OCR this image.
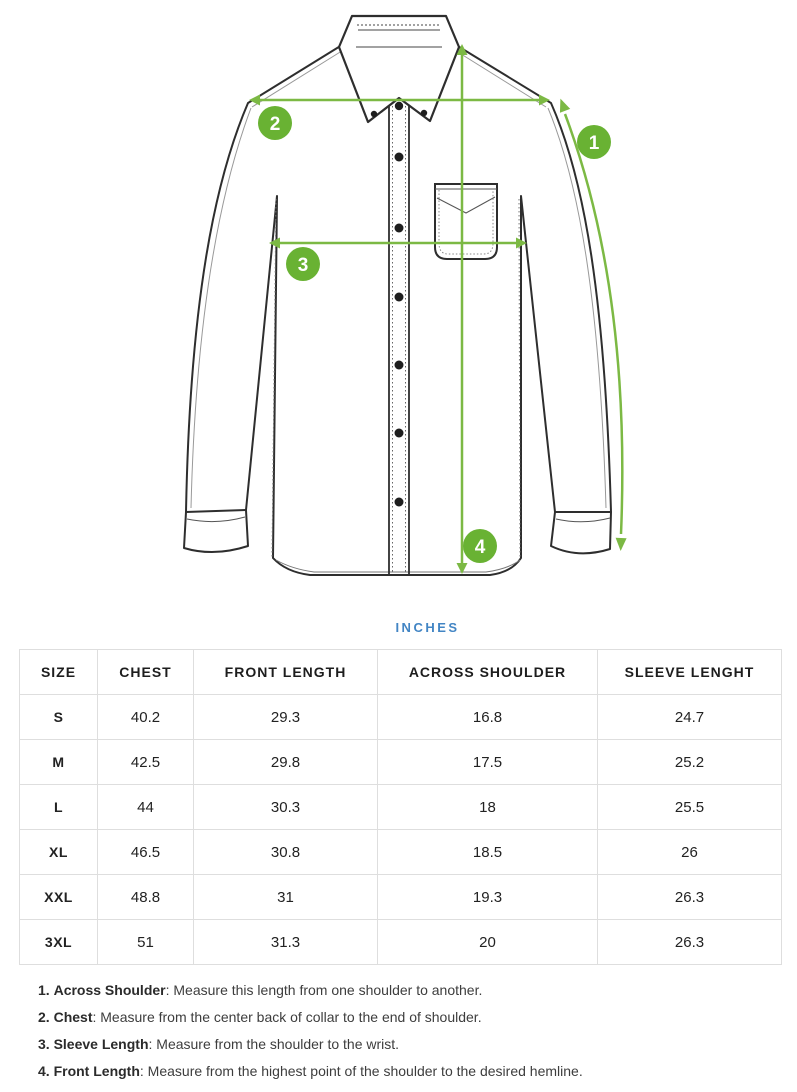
1
2
3
4
INCHES
SIZE	CHEST	FRONT LENGTH	ACROSS SHOULDER	SLEEVE LENGHT
S	40.2	29.3	16.8	24.7
M	42.5	29.8	17.5	25.2
L	44	30.3	18	25.5
XL	46.5	30.8	18.5	26
XXL	48.8	31	19.3	26.3
3XL	51	31.3	20	26.3
1. Across Shoulder: Measure this length from one shoulder to another.
2. Chest: Measure from the center back of collar to the end of shoulder.
3. Sleeve Length: Measure from the shoulder to the wrist.
4. Front Length: Measure from the highest point of the shoulder to the desired hemline.
